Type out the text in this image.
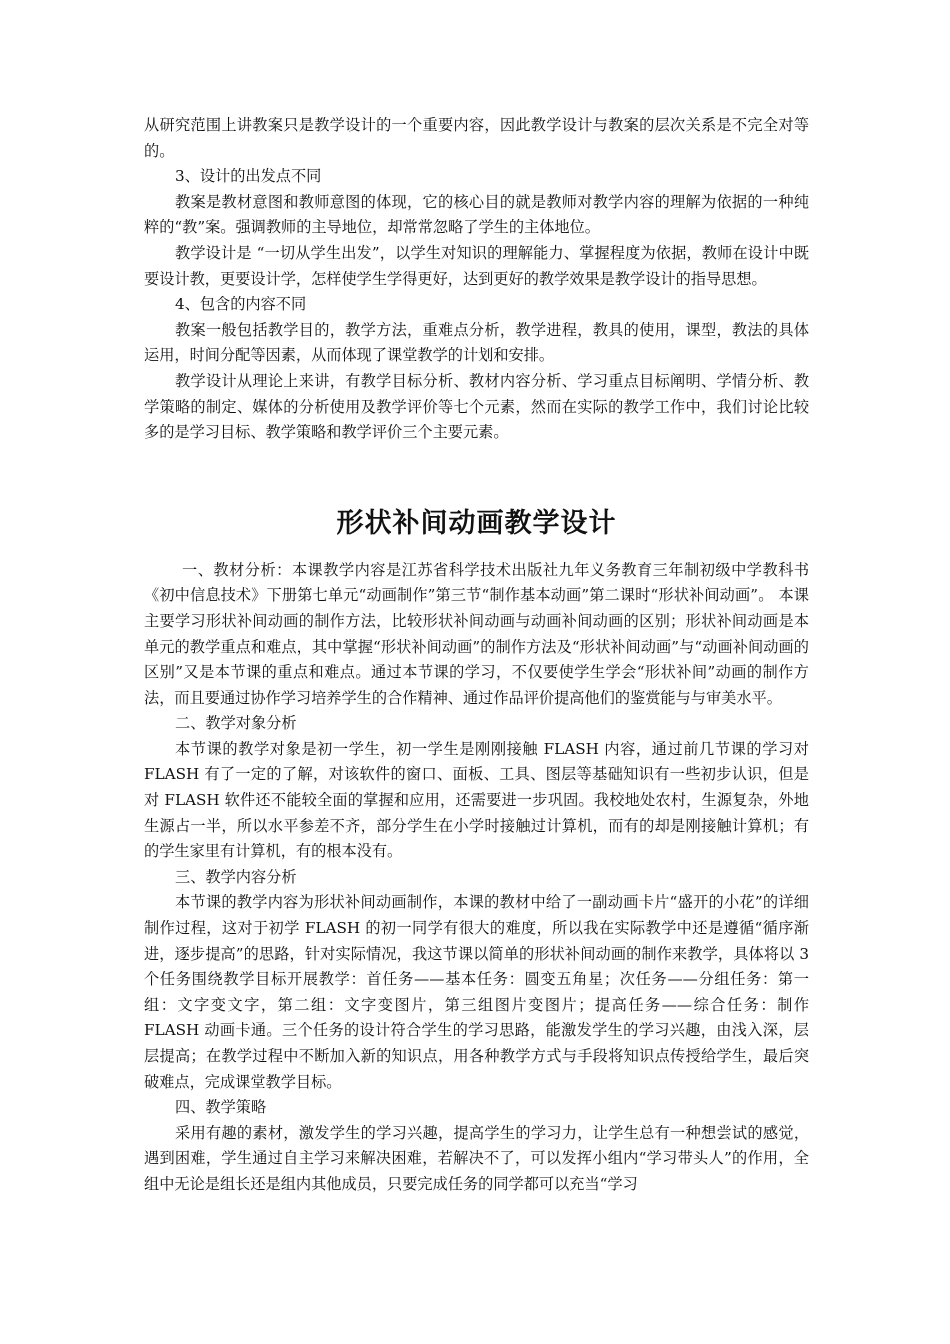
从研究范围上讲教案只是教学设计的一个重要内容，因此教学设计与教案的层次关系是不完全对等的。

3、设计的出发点不同

教案是教材意图和教师意图的体现，它的核心目的就是教师对教学内容的理解为依据的一种纯粹的“教”案。强调教师的主导地位，却常常忽略了学生的主体地位。

教学设计是 “一切从学生出发”，以学生对知识的理解能力、掌握程度为依据，教师在设计中既要设计教，更要设计学，怎样使学生学得更好，达到更好的教学效果是教学设计的指导思想。

4、包含的内容不同

教案一般包括教学目的，教学方法，重难点分析，教学进程，教具的使用，课型，教法的具体运用，时间分配等因素，从而体现了课堂教学的计划和安排。

教学设计从理论上来讲，有教学目标分析、教材内容分析、学习重点目标阐明、学情分析、教学策略的制定、媒体的分析使用及教学评价等七个元素，然而在实际的教学工作中，我们讨论比较多的是学习目标、教学策略和教学评价三个主要元素。

形状补间动画教学设计

一、教材分析：本课教学内容是江苏省科学技术出版社九年义务教育三年制初级中学教科书《初中信息技术》下册第七单元“动画制作”第三节“制作基本动画”第二课时“形状补间动画”。 本课主要学习形状补间动画的制作方法，比较形状补间动画与动画补间动画的区别；形状补间动画是本单元的教学重点和难点，其中掌握“形状补间动画”的制作方法及“形状补间动画”与“动画补间动画的区别”又是本节课的重点和难点。通过本节课的学习，不仅要使学生学会“形状补间”动画的制作方法，而且要通过协作学习培养学生的合作精神、通过作品评价提高他们的鉴赏能与与审美水平。

二、教学对象分析

本节课的教学对象是初一学生，初一学生是刚刚接触 FLASH 内容，通过前几节课的学习对 FLASH 有了一定的了解，对该软件的窗口、面板、工具、图层等基础知识有一些初步认识，但是对 FLASH 软件还不能较全面的掌握和应用，还需要进一步巩固。我校地处农村，生源复杂，外地生源占一半，所以水平参差不齐，部分学生在小学时接触过计算机，而有的却是刚接触计算机；有的学生家里有计算机，有的根本没有。

三、教学内容分析

本节课的教学内容为形状补间动画制作，本课的教材中给了一副动画卡片“盛开的小花”的详细制作过程，这对于初学 FLASH 的初一同学有很大的难度，所以我在实际教学中还是遵循“循序渐进，逐步提高”的思路，针对实际情况，我这节课以简单的形状补间动画的制作来教学，具体将以 3 个任务围绕教学目标开展教学：首任务——基本任务：圆变五角星；次任务——分组任务：第一组：文字变文字，第二组：文字变图片，第三组图片变图片；提高任务——综合任务：制作 FLASH 动画卡通。三个任务的设计符合学生的学习思路，能激发学生的学习兴趣，由浅入深，层层提高；在教学过程中不断加入新的知识点，用各种教学方式与手段将知识点传授给学生，最后突破难点，完成课堂教学目标。

四、教学策略

采用有趣的素材，激发学生的学习兴趣，提高学生的学习力，让学生总有一种想尝试的感觉，遇到困难，学生通过自主学习来解决困难，若解决不了，可以发挥小组内“学习带头人”的作用，全组中无论是组长还是组内其他成员，只要完成任务的同学都可以充当“学习
